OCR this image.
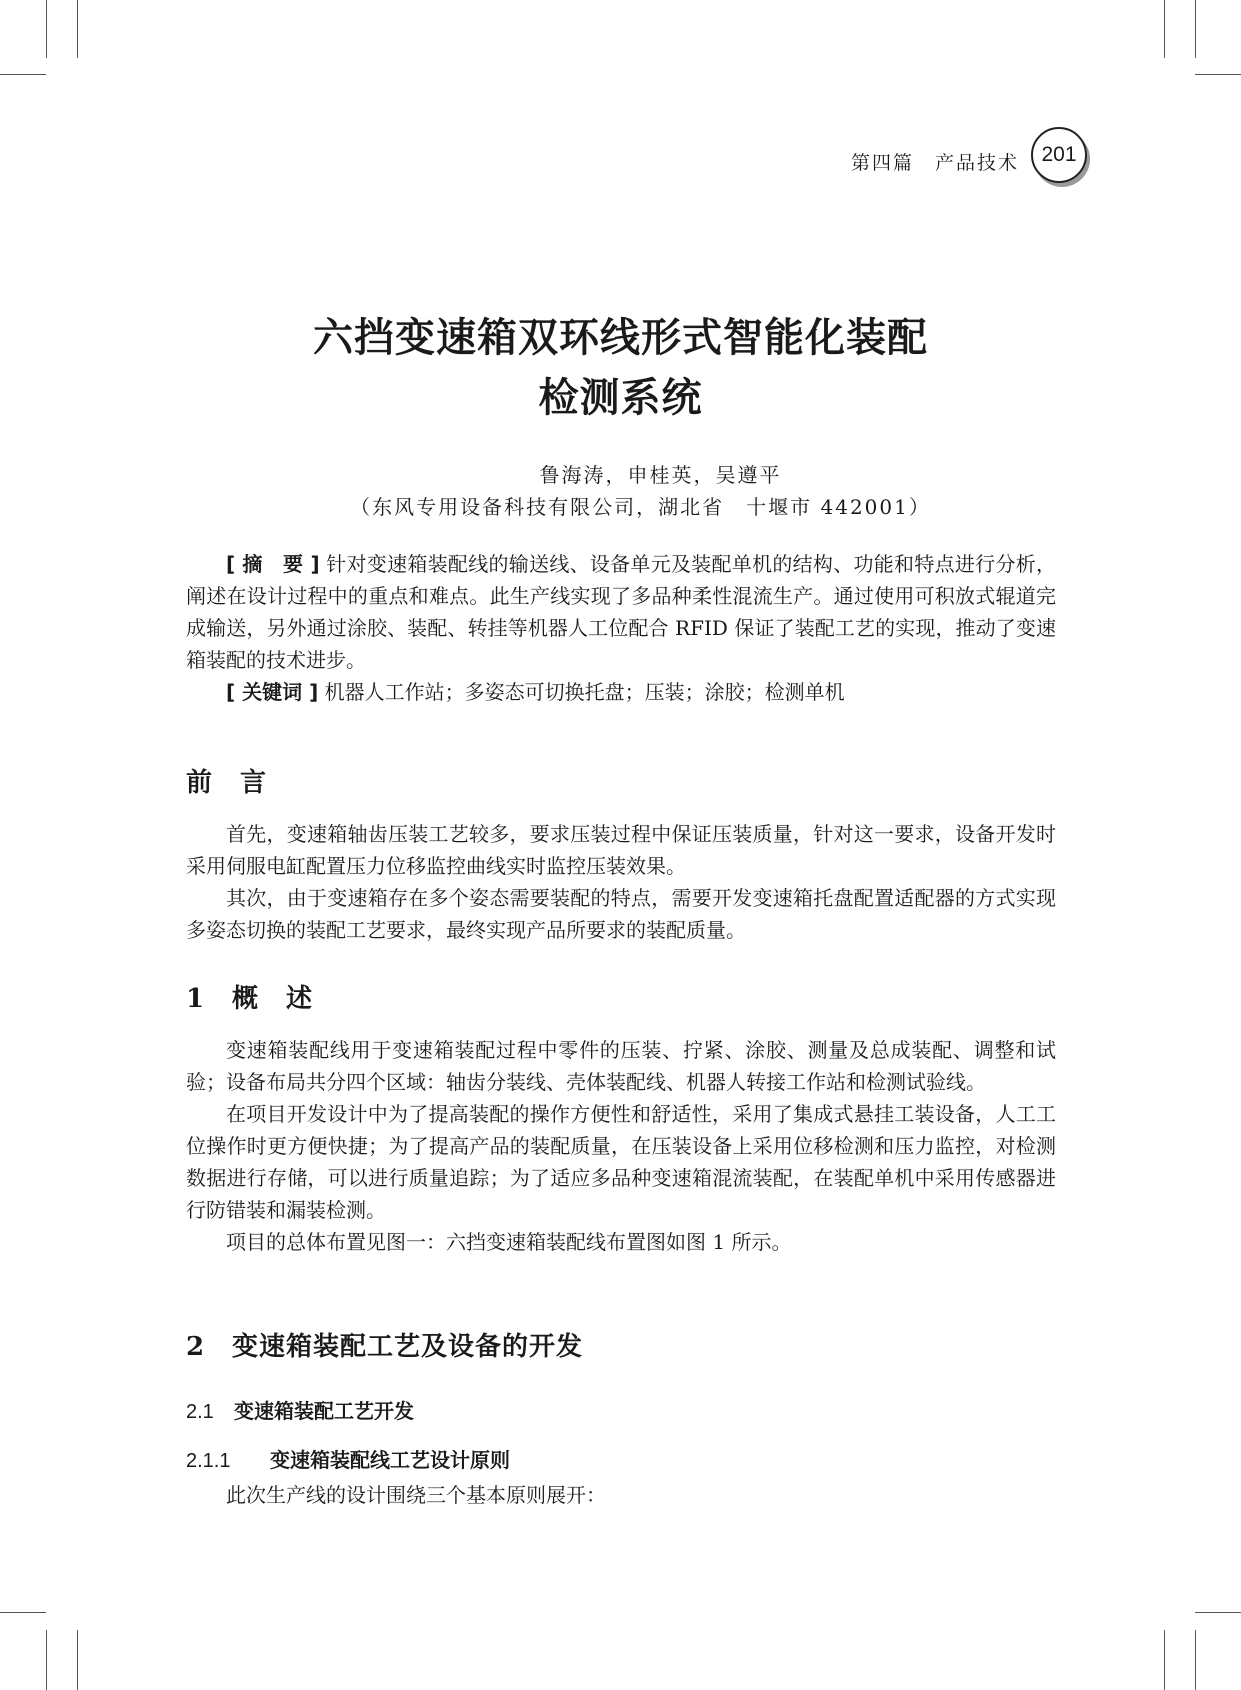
第四篇　产品技术	201
六挡变速箱双环线形式智能化装配
检测系统
鲁海涛，申桂英，吴遵平
（东风专用设备科技有限公司，湖北省　十堰市 442001）

[ 摘　要 ] 针对变速箱装配线的输送线、设备单元及装配单机的结构、功能和特点进行分析，阐述在设计过程中的重点和难点。此生产线实现了多品种柔性混流生产。通过使用可积放式辊道完成输送，另外通过涂胶、装配、转挂等机器人工位配合 RFID 保证了装配工艺的实现，推动了变速箱装配的技术进步。

[ 关键词 ] 机器人工作站；多姿态可切换托盘；压装；涂胶；检测单机

前　言

首先，变速箱轴齿压装工艺较多，要求压装过程中保证压装质量，针对这一要求，设备开发时采用伺服电缸配置压力位移监控曲线实时监控压装效果。

其次，由于变速箱存在多个姿态需要装配的特点，需要开发变速箱托盘配置适配器的方式实现多姿态切换的装配工艺要求，最终实现产品所要求的装配质量。

1 概　述

变速箱装配线用于变速箱装配过程中零件的压装、拧紧、涂胶、测量及总成装配、调整和试验；设备布局共分四个区域：轴齿分装线、壳体装配线、机器人转接工作站和检测试验线。

在项目开发设计中为了提高装配的操作方便性和舒适性，采用了集成式悬挂工装设备，人工工位操作时更方便快捷；为了提高产品的装配质量，在压装设备上采用位移检测和压力监控，对检测数据进行存储，可以进行质量追踪；为了适应多品种变速箱混流装配，在装配单机中采用传感器进行防错装和漏装检测。

项目的总体布置见图一：六挡变速箱装配线布置图如图 1 所示。

2 变速箱装配工艺及设备的开发
2.1 变速箱装配工艺开发
2.1.1 变速箱装配线工艺设计原则

此次生产线的设计围绕三个基本原则展开：
